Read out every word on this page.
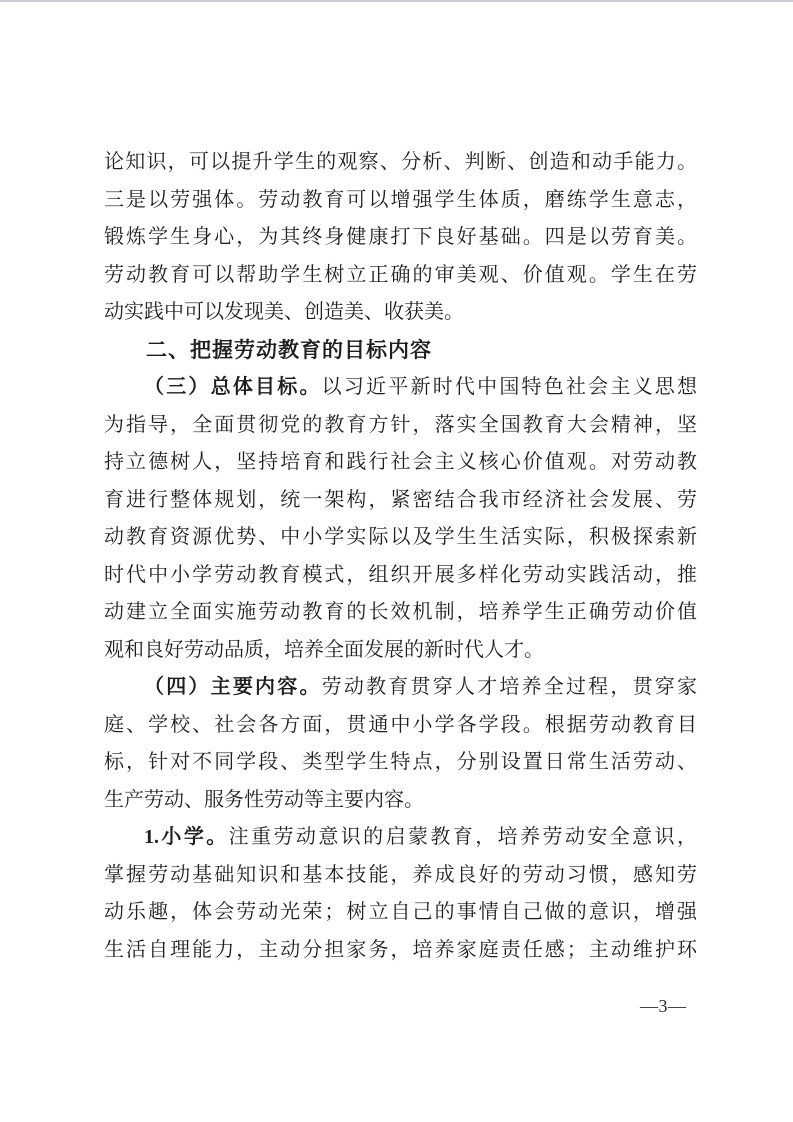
论知识，可以提升学生的观察、分析、判断、创造和动手能力。
三是以劳强体。劳动教育可以增强学生体质，磨练学生意志，
锻炼学生身心，为其终身健康打下良好基础。四是以劳育美。
劳动教育可以帮助学生树立正确的审美观、价值观。学生在劳
动实践中可以发现美、创造美、收获美。
二、把握劳动教育的目标内容
（三）总体目标。以习近平新时代中国特色社会主义思想
为指导，全面贯彻党的教育方针，落实全国教育大会精神，坚
持立德树人，坚持培育和践行社会主义核心价值观。对劳动教
育进行整体规划，统一架构，紧密结合我市经济社会发展、劳
动教育资源优势、中小学实际以及学生生活实际，积极探索新
时代中小学劳动教育模式，组织开展多样化劳动实践活动，推
动建立全面实施劳动教育的长效机制，培养学生正确劳动价值
观和良好劳动品质，培养全面发展的新时代人才。
（四）主要内容。劳动教育贯穿人才培养全过程，贯穿家
庭、学校、社会各方面，贯通中小学各学段。根据劳动教育目
标，针对不同学段、类型学生特点，分别设置日常生活劳动、
生产劳动、服务性劳动等主要内容。
1.小学。注重劳动意识的启蒙教育，培养劳动安全意识，
掌握劳动基础知识和基本技能，养成良好的劳动习惯，感知劳
动乐趣，体会劳动光荣；树立自己的事情自己做的意识，增强
生活自理能力，主动分担家务，培养家庭责任感；主动维护环
—3—
